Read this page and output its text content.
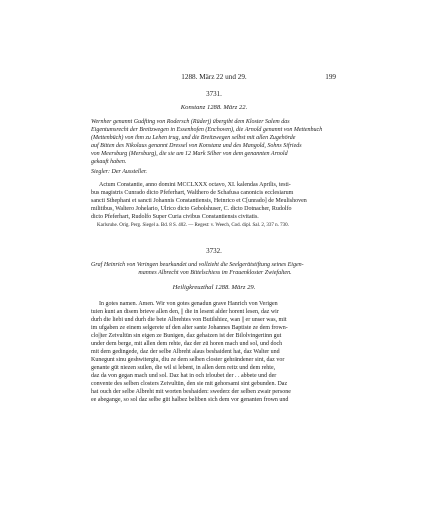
1288. März 22 und 29.	199
3731.
Konstanz 1288. März 22.
Wernher genannt Gudfting von Rodersch (Rüderj) übergibt dem Kloster Salem das
Eigentumsrecht der Breitzwegen in Essenhofen (Enchoven), die Arnold genannt von Mettenbuch
(Mettenbüch) von ihm zu Lehen trug, und die Breitzwegen selbst mit allen Zugehörde
auf Bitten des Nikolaus genannt Dressel von Konstanz und des Mangold, Sohns Sifrieds
von Meersburg (Mersburg), die sie um 12 Mark Silber von dem genannten Arnold
gekauft haben.
Siegler: Der Aussteller.
Actum Constantie, anno domini MCCLXXX octavo, XI. kalendas Aprilis, testi-
bus magistris Cunrado dicto Pfeferhart, Walthero de Schafusa canonicis ecclesiarum
sancti Sthephani et sancti Johannis Constantiensis, Heinrico et C[unrado] de Meulishoven
militibus, Waltero Johelario, Ulrico dicto Gebolshuser, C. dicto Dotnacher, Rudolfo
dicto Pfeferhart, Rudolfo Super Curia civibus Constantiensis civitatis.
Karlsruhe. Orig. Perg. Siegel a. Bd. 8 S. 402. — Regest: v. Weech, Cod. dipl. Sal. 2, 337 n. 730.
3732.
Graf Heinrich von Veringen beurkundet und vollzieht die Seelgerätstiftung seines Eigen-
mannes Albrecht von Bittelschiess im Frauenkloster Zwiefalten.
Heiligkreuzthal 1288. März 29.
In gotes namen. Amen. Wir von gotes genadun grave Hanrich von Verigen
tuien kunt an disem brieve allen den, || die in lesent alder horent lesen, daz wir
durh die liebi und durh die bete Albrehtes von Butilshiez, wan || er unser was, mit
im ufgaben ze einem selgerete uf den alter sante Johannes Baptiste ze dem frown-
clo||ter Zeivultün sin eigen ze Bunigen, daz gehaizen ist der Bilolvingeriinn gut
under dem berge, mit allen dem rehte, daz der zü horen mach und sol, und doch
mit dem gedingede, daz der selbe Albreht alaus beshaident hat, daz Walter und
Kunegunt sinu geshwitergiu, diu ze dem selben closter gehrändener sint, daz vor
genante güt niezen suilen, die wil si lebent, in allen dem reitz und dem rehte,
daz da von gegan mach und sol. Daz hat in och irloubet der . . abbete und der
convente des selben closters Zeivultün, den sie mit gehorsami sint gebunden. Daz
hat ouch der selbe Albreht mit worten beshaiden: swederz der selben zwair persone
ee abegange, so sol daz selbe güt halbez beliben sich dem vor genanten frown und
